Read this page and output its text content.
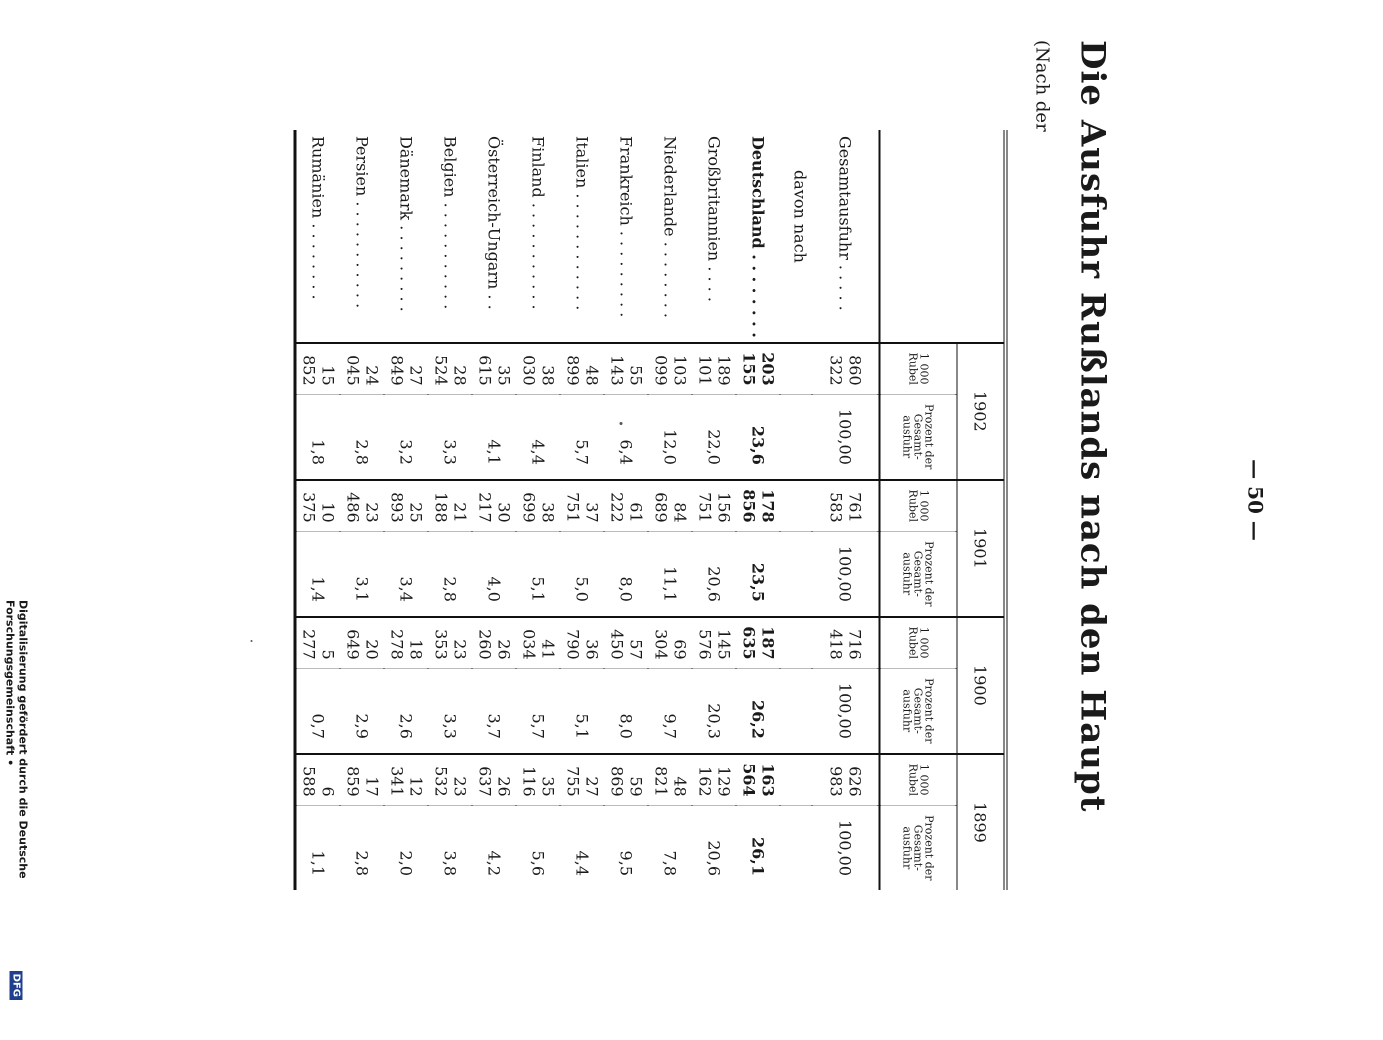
— 50 —
Die Ausfuhr Rußlands nach den Haupt
(Nach der
	1902		1901		1900		1899	
	1 000 Rubel	Prozent der Gesamt-ausfuhr	1 000 Rubel	Prozent der Gesamt-ausfuhr	1 000 Rubel	Prozent der Gesamt-ausfuhr	1 000 Rubel	Prozent der Gesamt-ausfuhr
Gesamtausfuhr . . . . .	860 322	100,00	761 583	100,00	716 418	100,00	626 983	100,00
davon nach								
Deutschland . . . . . . . .	203 155	23,6	178 856	23,5	187 635	26,2	163 564	26,1
Großbritannien . . . .	189 101	22,0	156 751	20,6	145 576	20,3	129 162	20,6
Niederlande . . . . . . . .	103 099	12,0	84 689	11,1	69 304	9,7	48 821	7,8
Frankreich . . . . . . . . .	55 143	6,4	61 222	8,0	57 450	8,0	59 869	9,5
Italien . . . . . . . . . . . .	48 899	5,7	37 751	5,0	36 790	5,1	27 755	4,4
Finland . . . . . . . . . . .	38 030	4,4	38 699	5,1	41 034	5,7	35 116	5,6
Österreich-Ungarn . .	35 615	4,1	30 217	4,0	26 260	3,7	26 637	4,2
Belgien . . . . . . . . . . .	28 524	3,3	21 188	2,8	23 353	3,3	23 532	3,8
Dänemark . . . . . . . . .	27 849	3,2	25 893	3,4	18 278	2,6	12 341	2,0
Persien . . . . . . . . . . .	24 045	2,8	23 486	3,1	20 649	2,9	17 859	2,8
Rumänien . . . . . . . .	15 852	1,8	10 375	1,4	5 277	0,7	6 588	1,1
Digitalisierung gefördert durch die Deutsche Forschungsgemeinschaft •
DFG
